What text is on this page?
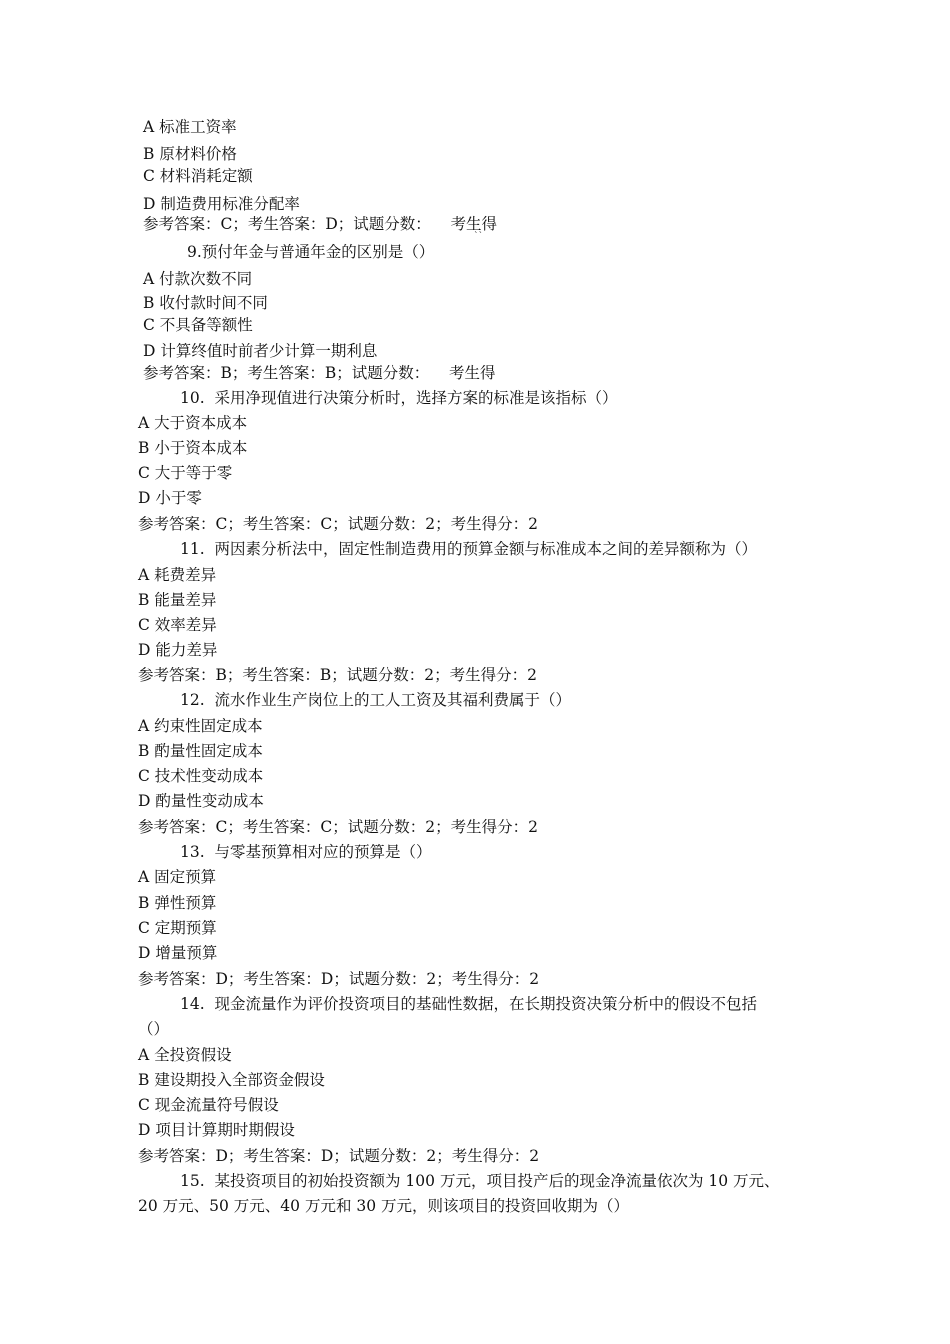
A 标准工资率
B 原材料价格
C 材料消耗定额
D 制造费用标准分配率
参考答案：C；考生答案：D；试题分数：    考生得
ˋˋ
9.预付年金与普通年金的区别是（）
A 付款次数不同
B 收付款时间不同
C 不具备等额性
D 计算终值时前者少计算一期利息
参考答案：B；考生答案：B；试题分数：    考生得
10.  采用净现值进行决策分析时，选择方案的标准是该指标（）
A 大于资本成本
B 小于资本成本
C 大于等于零
D 小于零
参考答案：C；考生答案：C；试题分数：2；考生得分：2
11.  两因素分析法中，固定性制造费用的预算金额与标准成本之间的差异额称为（）
A 耗费差异
B 能量差异
C 效率差异
D 能力差异
参考答案：B；考生答案：B；试题分数：2；考生得分：2
12.  流水作业生产岗位上的工人工资及其福利费属于（）
A 约束性固定成本
B 酌量性固定成本
C 技术性变动成本
D 酌量性变动成本
参考答案：C；考生答案：C；试题分数：2；考生得分：2
13.  与零基预算相对应的预算是（）
A 固定预算
B 弹性预算
C 定期预算
D 增量预算
参考答案：D；考生答案：D；试题分数：2；考生得分：2
14.  现金流量作为评价投资项目的基础性数据，在长期投资决策分析中的假设不包括
（）
A 全投资假设
B 建设期投入全部资金假设
C 现金流量符号假设
D 项目计算期时期假设
参考答案：D；考生答案：D；试题分数：2；考生得分：2
15.  某投资项目的初始投资额为 100 万元，项目投产后的现金净流量依次为 10 万元、
20 万元、50 万元、40 万元和 30 万元，则该项目的投资回收期为（）
